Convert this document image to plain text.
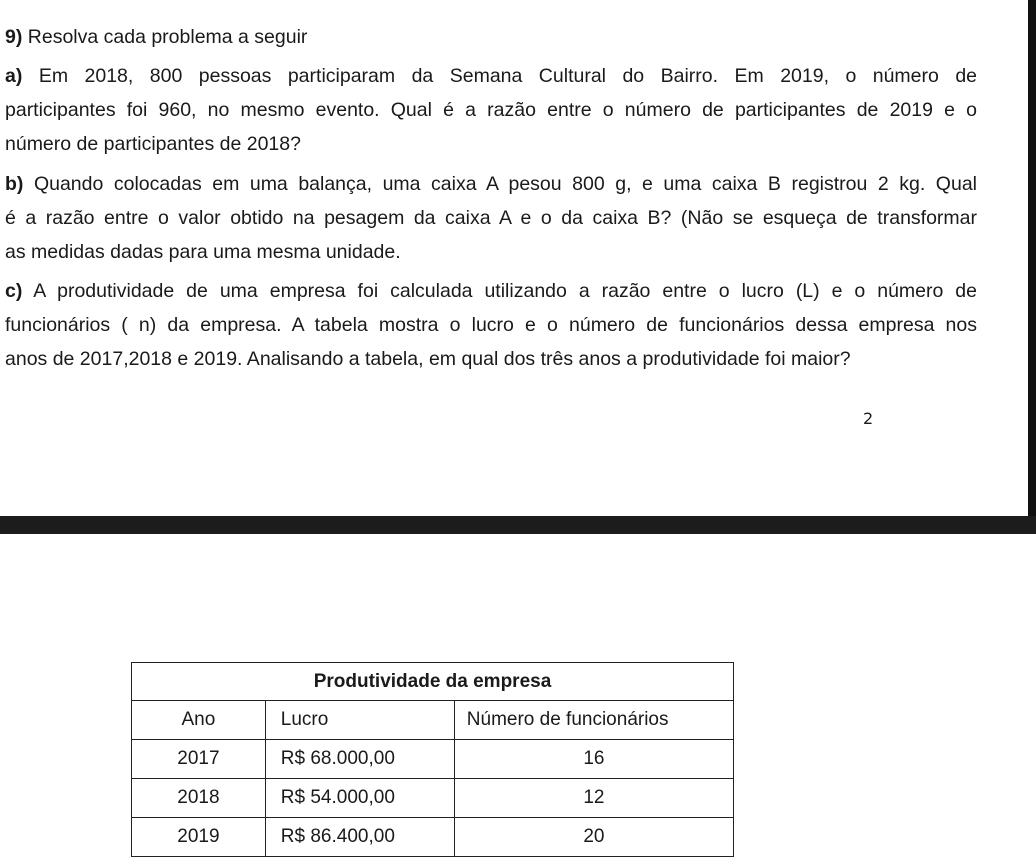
9) Resolva cada problema a seguir
a) Em 2018, 800 pessoas participaram da Semana Cultural do Bairro. Em 2019, o número de
participantes foi 960, no mesmo evento. Qual é a razão entre o número de participantes de 2019 e o
número de participantes de 2018?
b) Quando colocadas em uma balança, uma caixa A pesou 800 g, e uma caixa B registrou 2 kg. Qual
é a razão entre o valor obtido na pesagem da caixa A e o da caixa B? (Não se esqueça de transformar
as medidas dadas para uma mesma unidade.
c) A produtividade de uma empresa foi calculada utilizando a razão entre o lucro (L) e o número de
funcionários ( n) da empresa. A tabela mostra o lucro e o número de funcionários dessa empresa nos
anos de 2017,2018 e 2019. Analisando a tabela, em qual dos três anos a produtividade foi maior?
2
Produtividade da empresa		
Ano	Lucro	Número de funcionários
2017	R$ 68.000,00	16
2018	R$ 54.000,00	12
2019	R$ 86.400,00	20
